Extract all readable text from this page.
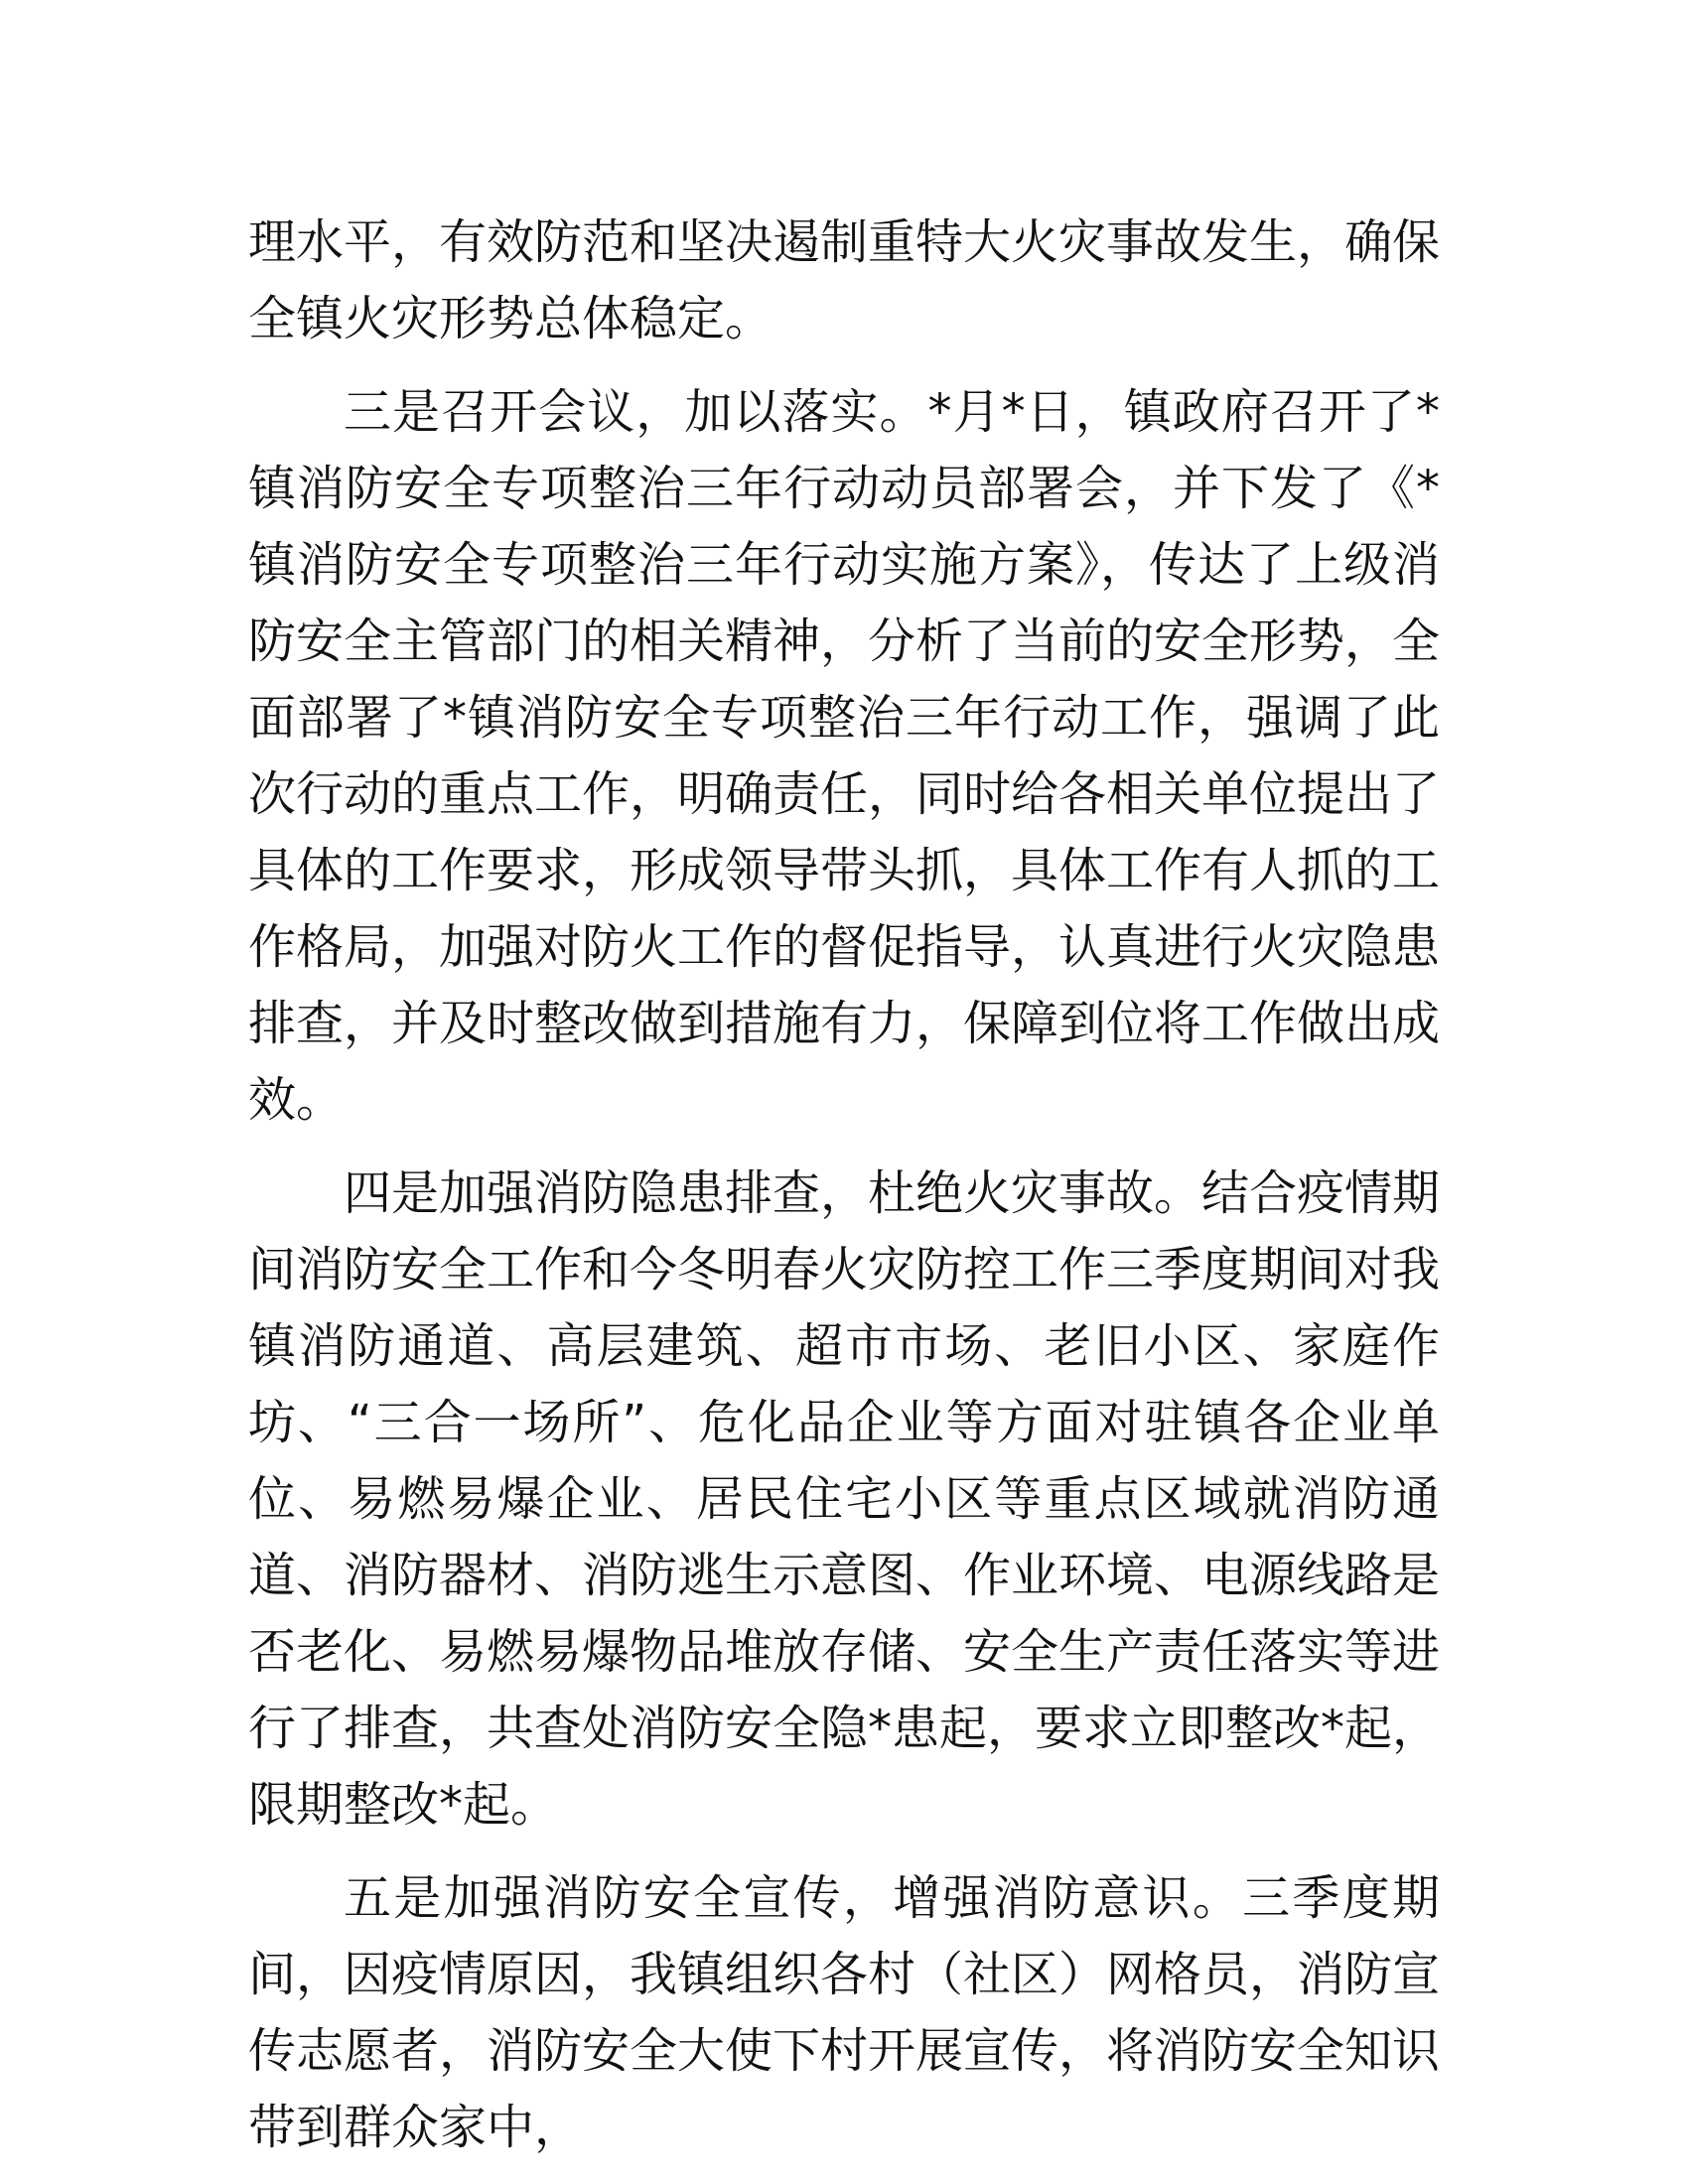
理水平，有效防范和坚决遏制重特大火灾事故发生，确保全镇火灾形势总体稳定。

三是召开会议，加以落实。*月*日，镇政府召开了*镇消防安全专项整治三年行动动员部署会，并下发了《*镇消防安全专项整治三年行动实施方案》，传达了上级消防安全主管部门的相关精神，分析了当前的安全形势，全面部署了*镇消防安全专项整治三年行动工作，强调了此次行动的重点工作，明确责任，同时给各相关单位提出了具体的工作要求，形成领导带头抓，具体工作有人抓的工作格局，加强对防火工作的督促指导，认真进行火灾隐患排查，并及时整改做到措施有力，保障到位将工作做出成效。

四是加强消防隐患排查，杜绝火灾事故。结合疫情期间消防安全工作和今冬明春火灾防控工作三季度期间对我镇消防通道、高层建筑、超市市场、老旧小区、家庭作坊、“三合一场所”、危化品企业等方面对驻镇各企业单位、易燃易爆企业、居民住宅小区等重点区域就消防通道、消防器材、消防逃生示意图、作业环境、电源线路是否老化、易燃易爆物品堆放存储、安全生产责任落实等进行了排查，共查处消防安全隐*患起，要求立即整改*起，限期整改*起。

五是加强消防安全宣传，增强消防意识。三季度期间，因疫情原因，我镇组织各村（社区）网格员，消防宣传志愿者，消防安全大使下村开展宣传，将消防安全知识带到群众家中，
